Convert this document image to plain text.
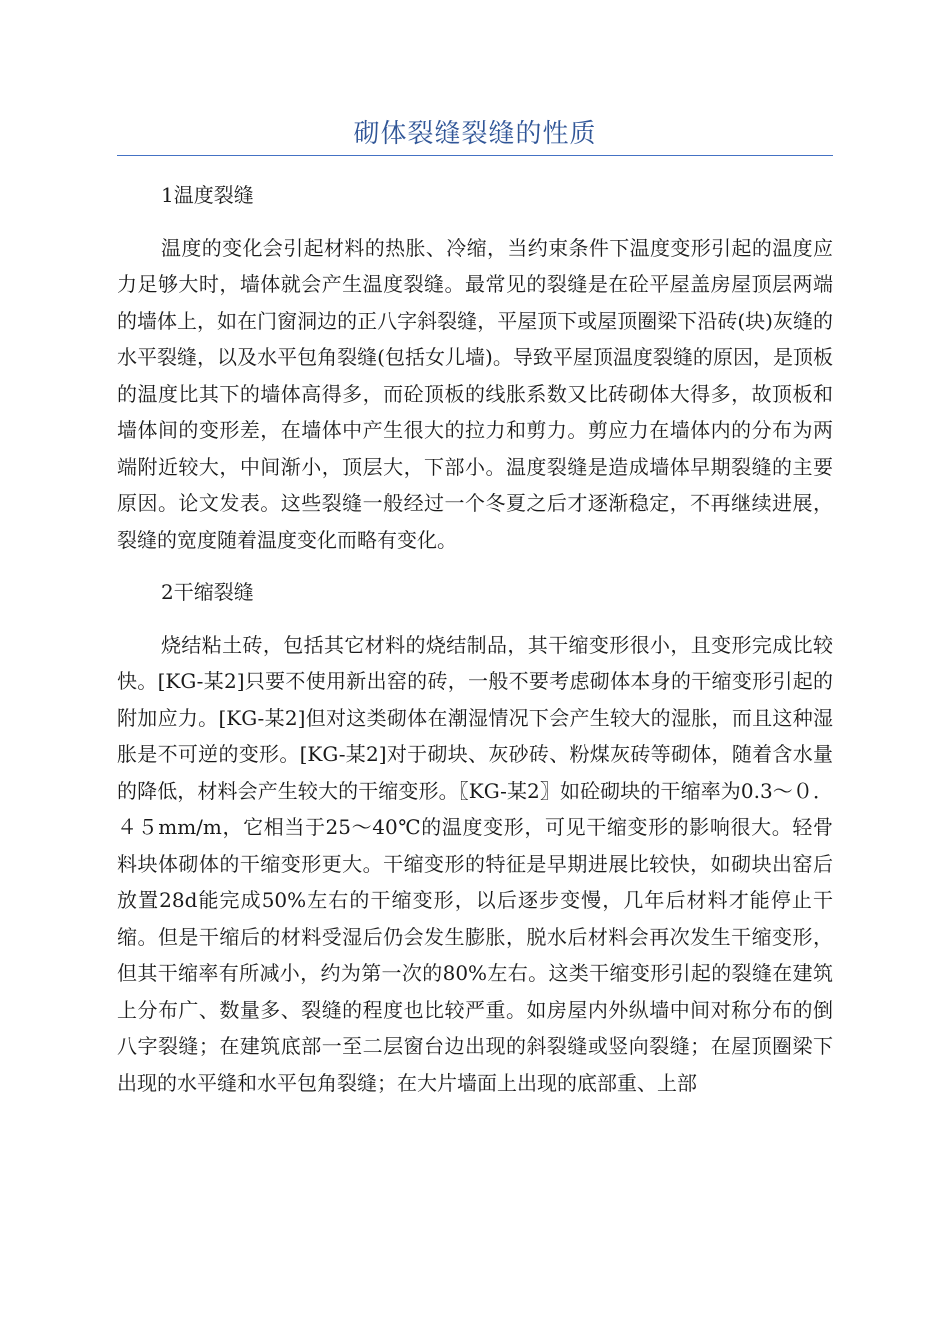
砌体裂缝裂缝的性质
1温度裂缝
温度的变化会引起材料的热胀、冷缩，当约束条件下温度变形引起的温度应力足够大时，墙体就会产生温度裂缝。最常见的裂缝是在砼平屋盖房屋顶层两端的墙体上，如在门窗洞边的正八字斜裂缝，平屋顶下或屋顶圈梁下沿砖(块)灰缝的水平裂缝，以及水平包角裂缝(包括女儿墙)。导致平屋顶温度裂缝的原因，是顶板的温度比其下的墙体高得多，而砼顶板的线胀系数又比砖砌体大得多，故顶板和墙体间的变形差，在墙体中产生很大的拉力和剪力。剪应力在墙体内的分布为两端附近较大，中间渐小，顶层大，下部小。温度裂缝是造成墙体早期裂缝的主要原因。论文发表。这些裂缝一般经过一个冬夏之后才逐渐稳定，不再继续进展，裂缝的宽度随着温度变化而略有变化。
2干缩裂缝
烧结粘土砖，包括其它材料的烧结制品，其干缩变形很小，且变形完成比较快。[KG-某2]只要不使用新出窑的砖，一般不要考虑砌体本身的干缩变形引起的附加应力。[KG-某2]但对这类砌体在潮湿情况下会产生较大的湿胀，而且这种湿胀是不可逆的变形。[KG-某2]对于砌块、灰砂砖、粉煤灰砖等砌体，随着含水量的降低，材料会产生较大的干缩变形。〖KG-某2〗如砼砌块的干缩率为0.3～０．４５mm/m，它相当于25～40℃的温度变形，可见干缩变形的影响很大。轻骨料块体砌体的干缩变形更大。干缩变形的特征是早期进展比较快，如砌块出窑后放置28d能完成50%左右的干缩变形，以后逐步变慢，几年后材料才能停止干缩。但是干缩后的材料受湿后仍会发生膨胀，脱水后材料会再次发生干缩变形，但其干缩率有所减小，约为第一次的80%左右。这类干缩变形引起的裂缝在建筑上分布广、数量多、裂缝的程度也比较严重。如房屋内外纵墙中间对称分布的倒八字裂缝；在建筑底部一至二层窗台边出现的斜裂缝或竖向裂缝；在屋顶圈梁下出现的水平缝和水平包角裂缝；在大片墙面上出现的底部重、上部
